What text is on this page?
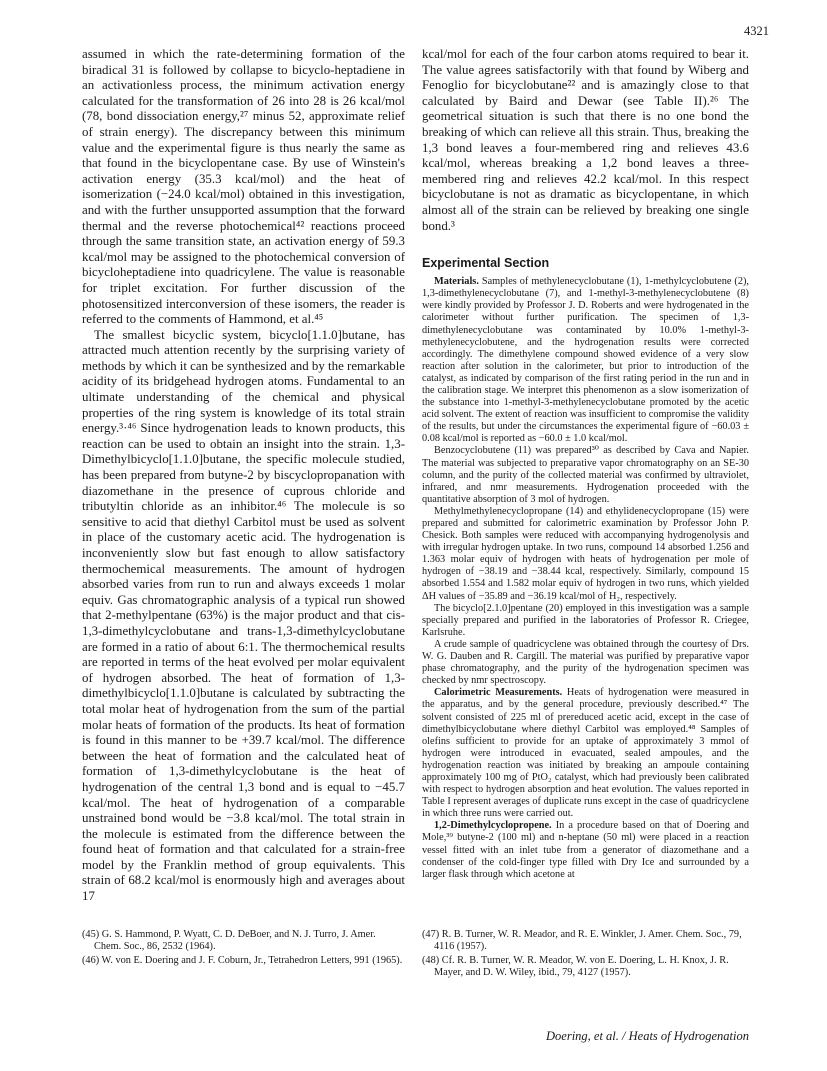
4321

assumed in which the rate-determining formation of the biradical 31 is followed by collapse to bicyclo-heptadiene in an activationless process, the minimum activation energy calculated for the transformation of 26 into 28 is 26 kcal/mol (78, bond dissociation energy,²⁷ minus 52, approximate relief of strain energy). The discrepancy between this minimum value and the experimental figure is thus nearly the same as that found in the bicyclopentane case. By use of Winstein's activation energy (35.3 kcal/mol) and the heat of isomerization (−24.0 kcal/mol) obtained in this investigation, and with the further unsupported assumption that the forward thermal and the reverse photochemical⁴² reactions proceed through the same transition state, an activation energy of 59.3 kcal/mol may be assigned to the photochemical conversion of bicycloheptadiene into quadricylene. The value is reasonable for triplet excitation. For further discussion of the photosensitized interconversion of these isomers, the reader is referred to the comments of Hammond, et al.⁴⁵

The smallest bicyclic system, bicyclo[1.1.0]butane, has attracted much attention recently by the surprising variety of methods by which it can be synthesized and by the remarkable acidity of its bridgehead hydrogen atoms. Fundamental to an ultimate understanding of the chemical and physical properties of the ring system is knowledge of its total strain energy.³·⁴⁶ Since hydrogenation leads to known products, this reaction can be used to obtain an insight into the strain. 1,3-Dimethylbicyclo[1.1.0]butane, the specific molecule studied, has been prepared from butyne-2 by biscyclopropanation with diazomethane in the presence of cuprous chloride and tributyltin chloride as an inhibitor.⁴⁶ The molecule is so sensitive to acid that diethyl Carbitol must be used as solvent in place of the customary acetic acid. The hydrogenation is inconveniently slow but fast enough to allow satisfactory thermochemical measurements. The amount of hydrogen absorbed varies from run to run and always exceeds 1 molar equiv. Gas chromatographic analysis of a typical run showed that 2-methylpentane (63%) is the major product and that cis-1,3-dimethylcyclobutane and trans-1,3-dimethylcyclobutane are formed in a ratio of about 6:1. The thermochemical results are reported in terms of the heat evolved per molar equivalent of hydrogen absorbed. The heat of formation of 1,3-dimethylbicyclo[1.1.0]butane is calculated by subtracting the total molar heat of hydrogenation from the sum of the partial molar heats of formation of the products. Its heat of formation is found in this manner to be +39.7 kcal/mol. The difference between the heat of formation and the calculated heat of formation of 1,3-dimethylcyclobutane is the heat of hydrogenation of the central 1,3 bond and is equal to −45.7 kcal/mol. The heat of hydrogenation of a comparable unstrained bond would be −3.8 kcal/mol. The total strain in the molecule is estimated from the difference between the found heat of formation and that calculated for a strain-free model by the Franklin method of group equivalents. This strain of 68.2 kcal/mol is enormously high and averages about 17

kcal/mol for each of the four carbon atoms required to bear it. The value agrees satisfactorily with that found by Wiberg and Fenoglio for bicyclobutane²² and is amazingly close to that calculated by Baird and Dewar (see Table II).²⁶ The geometrical situation is such that there is no one bond the breaking of which can relieve all this strain. Thus, breaking the 1,3 bond leaves a four-membered ring and relieves 43.6 kcal/mol, whereas breaking a 1,2 bond leaves a three-membered ring and relieves 42.2 kcal/mol. In this respect bicyclobutane is not as dramatic as bicyclopentane, in which almost all of the strain can be relieved by breaking one single bond.³

Experimental Section

Materials. Samples of methylenecyclobutane (1), 1-methylcyclobutene (2), 1,3-dimethylenecyclobutane (7), and 1-methyl-3-methylenecyclobutene (8) were kindly provided by Professor J. D. Roberts and were hydrogenated in the calorimeter without further purification. The specimen of 1,3-dimethylenecyclobutane was contaminated by 10.0% 1-methyl-3-methylenecyclobutene, and the hydrogenation results were corrected accordingly. The dimethylene compound showed evidence of a very slow reaction after solution in the calorimeter, but prior to introduction of the catalyst, as indicated by comparison of the first rating period in the run and in the calibration stage. We interpret this phenomenon as a slow isomerization of the substance into 1-methyl-3-methylenecyclobutane promoted by the acetic acid solvent. The extent of reaction was insufficient to compromise the validity of the results, but under the circumstances the experimental figure of −60.03 ± 0.08 kcal/mol is reported as −60.0 ± 1.0 kcal/mol.

Benzocyclobutene (11) was prepared³⁰ as described by Cava and Napier. The material was subjected to preparative vapor chromatography on an SE-30 column, and the purity of the collected material was confirmed by ultraviolet, infrared, and nmr measurements. Hydrogenation proceeded with the quantitative absorption of 3 mol of hydrogen.

Methylmethylenecyclopropane (14) and ethylidenecyclopropane (15) were prepared and submitted for calorimetric examination by Professor John P. Chesick. Both samples were reduced with accompanying hydrogenolysis and with irregular hydrogen uptake. In two runs, compound 14 absorbed 1.256 and 1.363 molar equiv of hydrogen with heats of hydrogenation per mole of hydrogen of −38.19 and −38.44 kcal, respectively. Similarly, compound 15 absorbed 1.554 and 1.582 molar equiv of hydrogen in two runs, which yielded ΔH values of −35.89 and −36.19 kcal/mol of H₂, respectively.

The bicyclo[2.1.0]pentane (20) employed in this investigation was a sample specially prepared and purified in the laboratories of Professor R. Criegee, Karlsruhe.

A crude sample of quadricyclene was obtained through the courtesy of Drs. W. G. Dauben and R. Cargill. The material was purified by preparative vapor phase chromatography, and the purity of the hydrogenation specimen was checked by nmr spectroscopy.

Calorimetric Measurements. Heats of hydrogenation were measured in the apparatus, and by the general procedure, previously described.⁴⁷ The solvent consisted of 225 ml of prereduced acetic acid, except in the case of dimethylbicyclobutane where diethyl Carbitol was employed.⁴⁸ Samples of olefins sufficient to provide for an uptake of approximately 3 mmol of hydrogen were introduced in evacuated, sealed ampoules, and the hydrogenation reaction was initiated by breaking an ampoule containing approximately 100 mg of PtO₂ catalyst, which had previously been calibrated with respect to hydrogen absorption and heat evolution. The values reported in Table I represent averages of duplicate runs except in the case of quadricyclene in which three runs were carried out.

1,2-Dimethylcyclopropene. In a procedure based on that of Doering and Mole,³⁹ butyne-2 (100 ml) and n-heptane (50 ml) were placed in a reaction vessel fitted with an inlet tube from a generator of diazomethane and a condenser of the cold-finger type filled with Dry Ice and surrounded by a larger flask through which acetone at

(45) G. S. Hammond, P. Wyatt, C. D. DeBoer, and N. J. Turro, J. Amer. Chem. Soc., 86, 2532 (1964).

(46) W. von E. Doering and J. F. Coburn, Jr., Tetrahedron Letters, 991 (1965).

(47) R. B. Turner, W. R. Meador, and R. E. Winkler, J. Amer. Chem. Soc., 79, 4116 (1957).

(48) Cf. R. B. Turner, W. R. Meador, W. von E. Doering, L. H. Knox, J. R. Mayer, and D. W. Wiley, ibid., 79, 4127 (1957).

Doering, et al. / Heats of Hydrogenation
